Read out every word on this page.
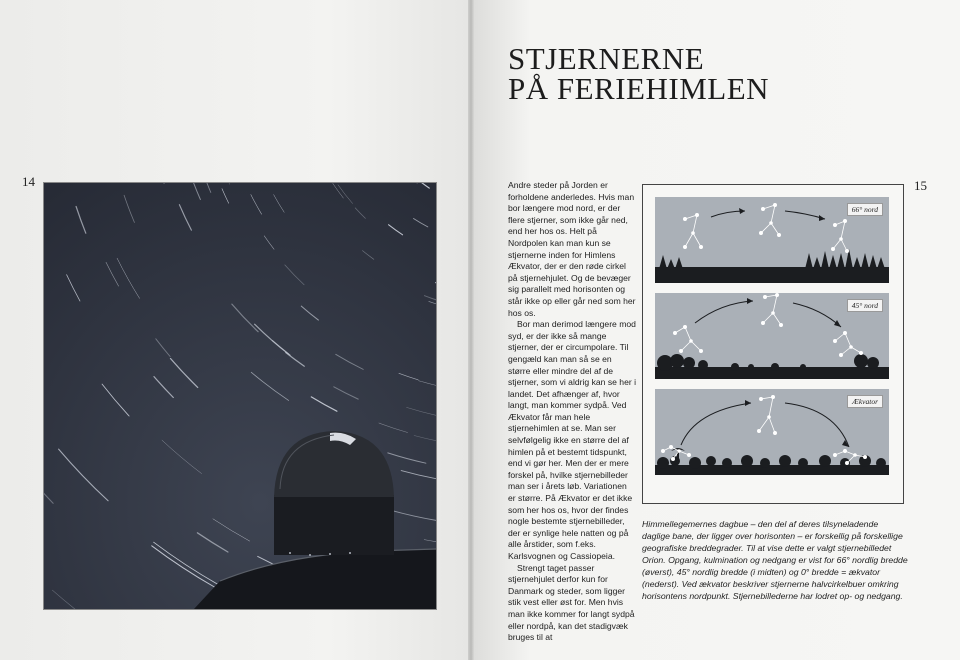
14	15
STJERNERNE
PÅ FERIEHIMLEN

Andre steder på Jorden er forholdene anderledes. Hvis man bor længere mod nord, er der flere stjerner, som ikke går ned, end her hos os. Helt på Nordpolen kan man kun se stjernerne inden for Himlens Ækvator, der er den røde cirkel på stjernehjulet. Og de bevæger sig parallelt med horisonten og står ikke op eller går ned som her hos os.

Bor man derimod længere mod syd, er der ikke så mange stjerner, der er circumpolare. Til gengæld kan man så se en større eller mindre del af de stjerner, som vi aldrig kan se her i landet. Det afhænger af, hvor langt, man kommer sydpå. Ved Ækvator får man hele stjernehimlen at se. Man ser selvfølgelig ikke en større del af himlen på et bestemt tidspunkt, end vi gør her. Men der er mere forskel på, hvilke stjernebilleder man ser i årets løb. Variationen er større. På Ækvator er det ikke som her hos os, hvor der findes nogle bestemte stjernebilleder, der er synlige hele natten og på alle årstider, som f.eks. Karlsvognen og Cassiopeia.

Strengt taget passer stjernehjulet derfor kun for Danmark og steder, som ligger stik vest eller øst for. Men hvis man ikke kommer for langt sydpå eller nordpå, kan det stadigvæk bruges til at

66° nord
45° nord
Ækvator
Himmellegemernes dagbue – den del af deres tilsyneladende daglige bane, der ligger over horisonten – er forskellig på forskellige geografiske breddegrader. Til at vise dette er valgt stjernebilledet Orion. Opgang, kulmination og nedgang er vist for 66° nordlig bredde (øverst), 45° nordlig bredde (i midten) og 0° bredde = ækvator (nederst). Ved ækvator beskriver stjernerne halvcirkelbuer omkring horisontens nordpunkt. Stjernebillederne har lodret op- og nedgang.
